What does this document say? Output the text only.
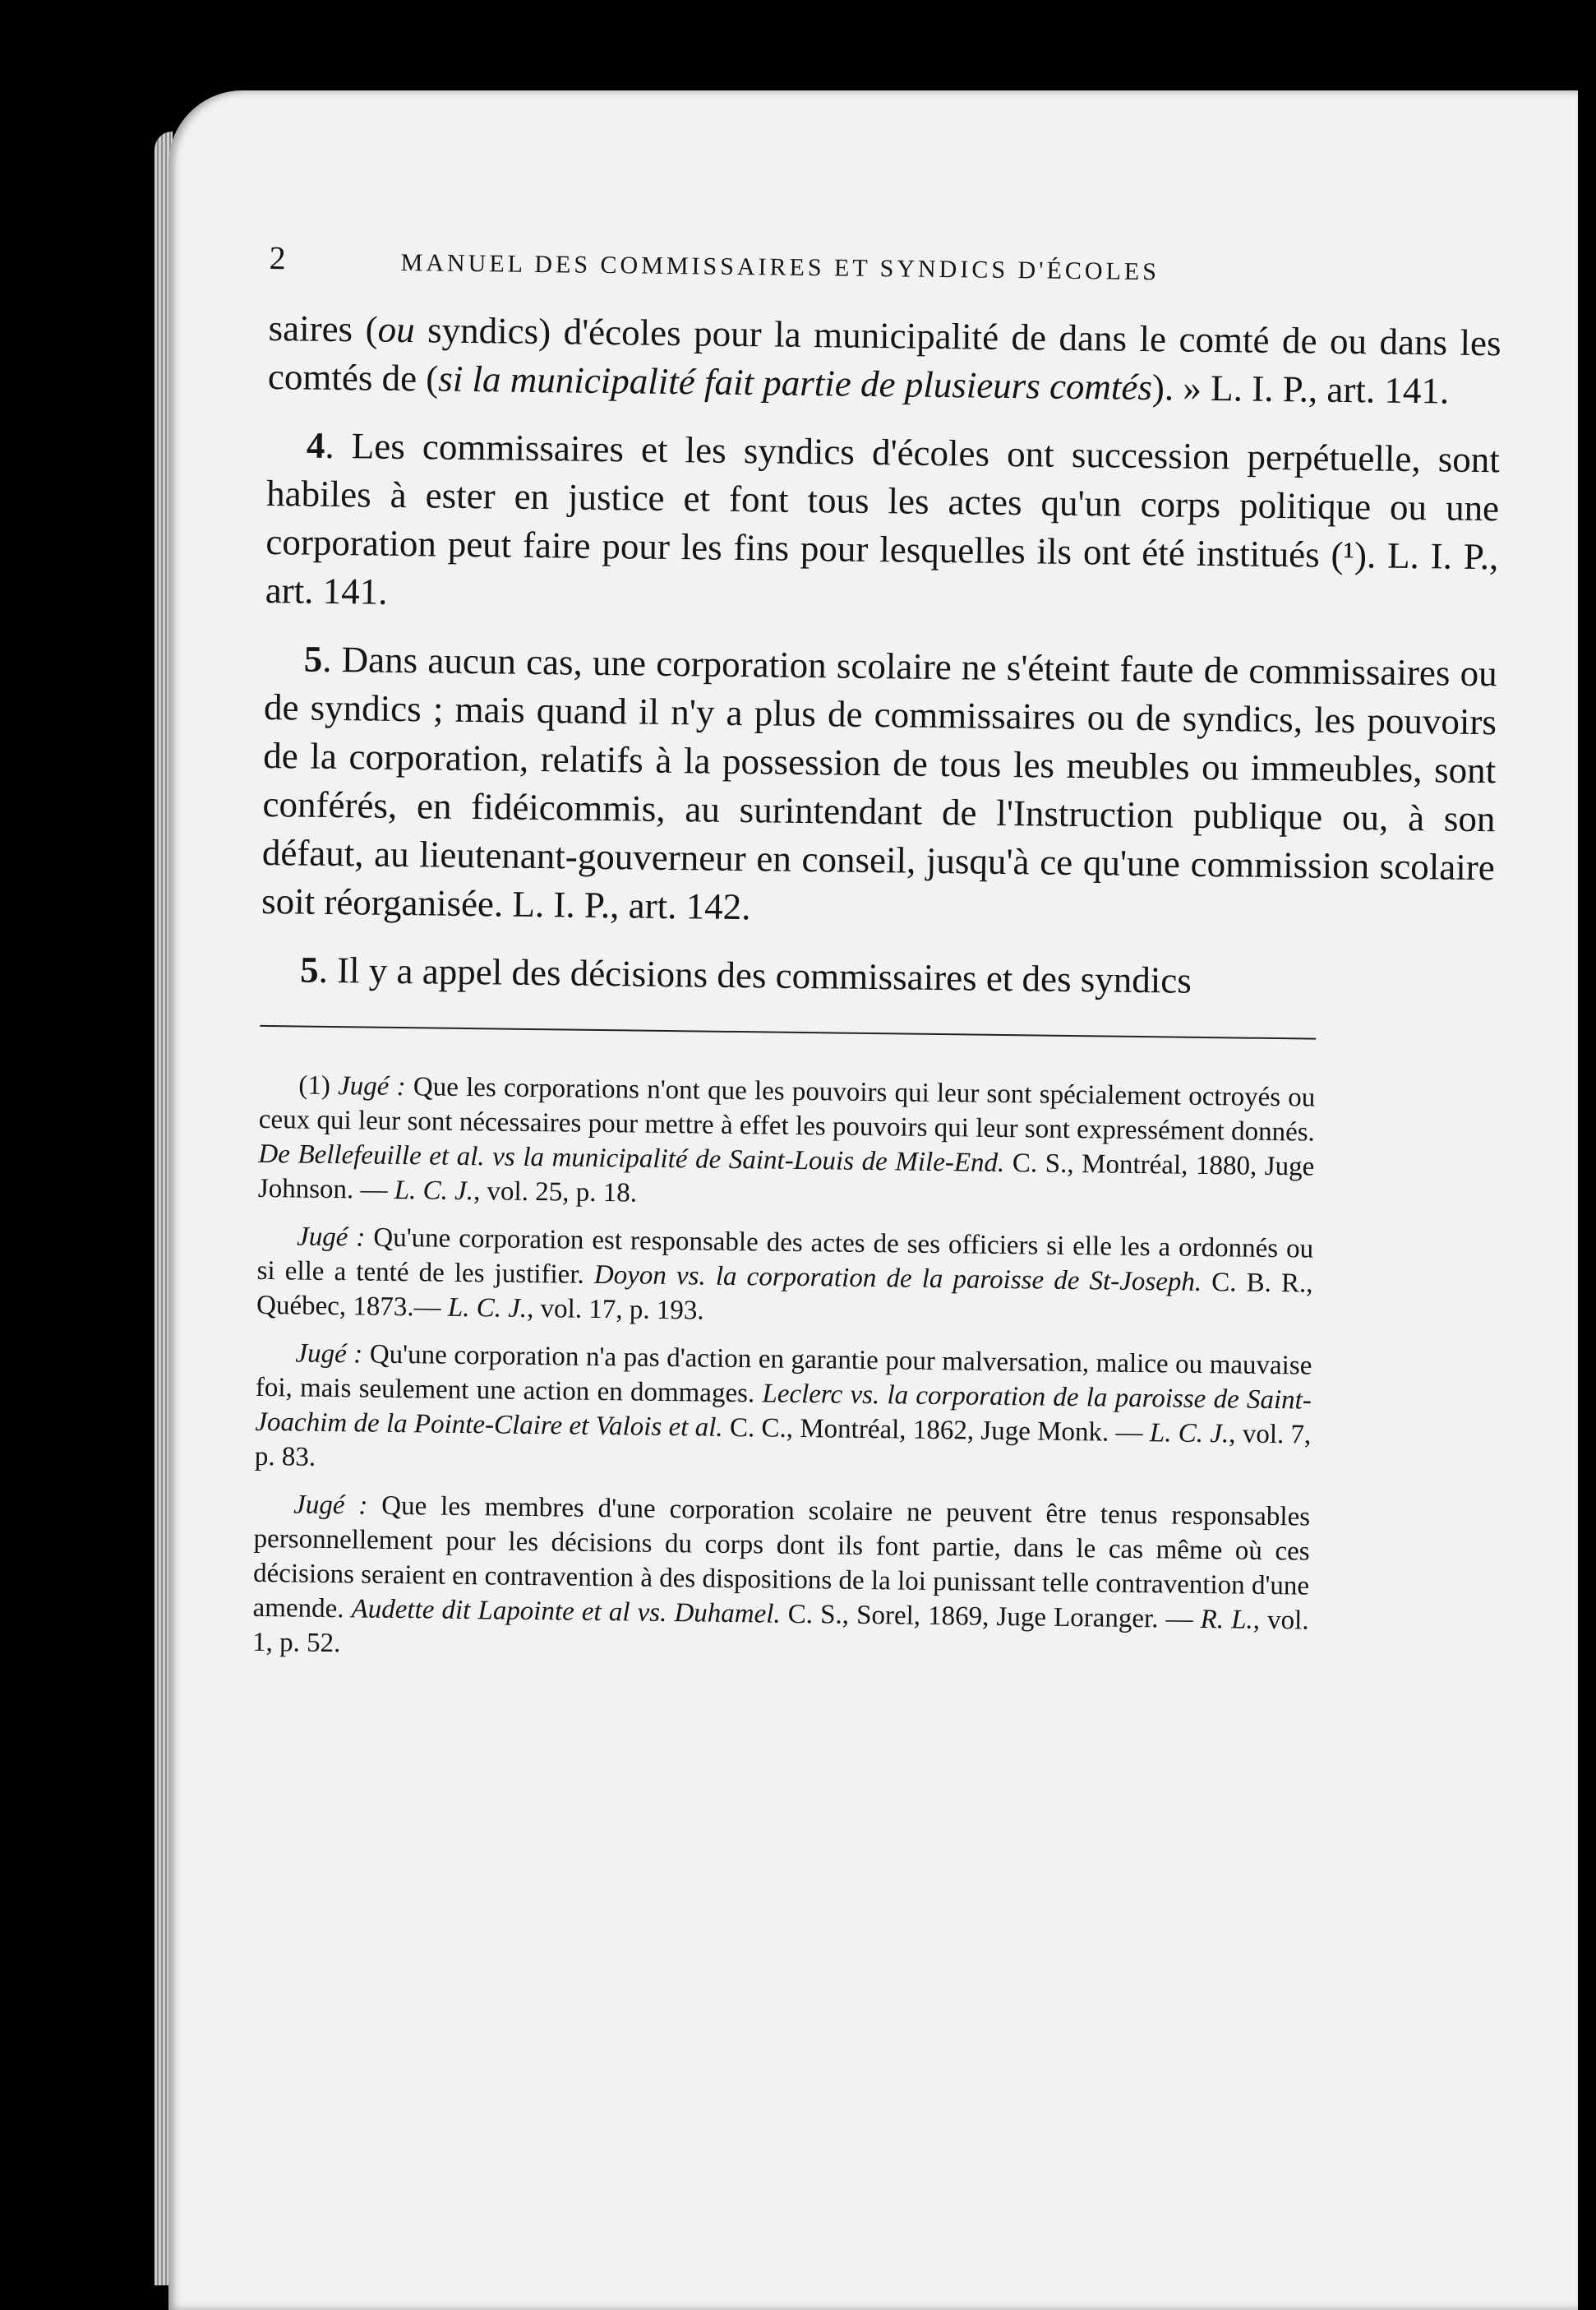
2	MANUEL DES COMMISSAIRES ET SYNDICS D'ÉCOLES

saires (ou syndics) d'écoles pour la municipalité de dans le comté de ou dans les comtés de (si la municipalité fait partie de plusieurs comtés). » L. I. P., art. 141.

4. Les commissaires et les syndics d'écoles ont succession perpétuelle, sont habiles à ester en justice et font tous les actes qu'un corps politique ou une corporation peut faire pour les fins pour lesquelles ils ont été institués (¹). L. I. P., art. 141.

5. Dans aucun cas, une corporation scolaire ne s'éteint faute de commissaires ou de syndics ; mais quand il n'y a plus de commissaires ou de syndics, les pouvoirs de la corporation, relatifs à la possession de tous les meubles ou immeubles, sont conférés, en fidéicommis, au surintendant de l'Instruction publique ou, à son défaut, au lieutenant-gouverneur en conseil, jusqu'à ce qu'une commission scolaire soit réorganisée. L. I. P., art. 142.

5. Il y a appel des décisions des commissaires et des syndics

(1) Jugé : Que les corporations n'ont que les pouvoirs qui leur sont spécialement octroyés ou ceux qui leur sont nécessaires pour mettre à effet les pouvoirs qui leur sont expressément donnés. De Bellefeuille et al. vs la municipalité de Saint-Louis de Mile-End. C. S., Montréal, 1880, Juge Johnson. — L. C. J., vol. 25, p. 18.

Jugé : Qu'une corporation est responsable des actes de ses officiers si elle les a ordonnés ou si elle a tenté de les justifier. Doyon vs. la corporation de la paroisse de St-Joseph. C. B. R., Québec, 1873.— L. C. J., vol. 17, p. 193.

Jugé : Qu'une corporation n'a pas d'action en garantie pour malversation, malice ou mauvaise foi, mais seulement une action en dommages. Leclerc vs. la corporation de la paroisse de Saint-Joachim de la Pointe-Claire et Valois et al. C. C., Montréal, 1862, Juge Monk. — L. C. J., vol. 7, p. 83.

Jugé : Que les membres d'une corporation scolaire ne peuvent être tenus responsables personnellement pour les décisions du corps dont ils font partie, dans le cas même où ces décisions seraient en contravention à des dispositions de la loi punissant telle contravention d'une amende. Audette dit Lapointe et al vs. Duhamel. C. S., Sorel, 1869, Juge Loranger. — R. L., vol. 1, p. 52.
